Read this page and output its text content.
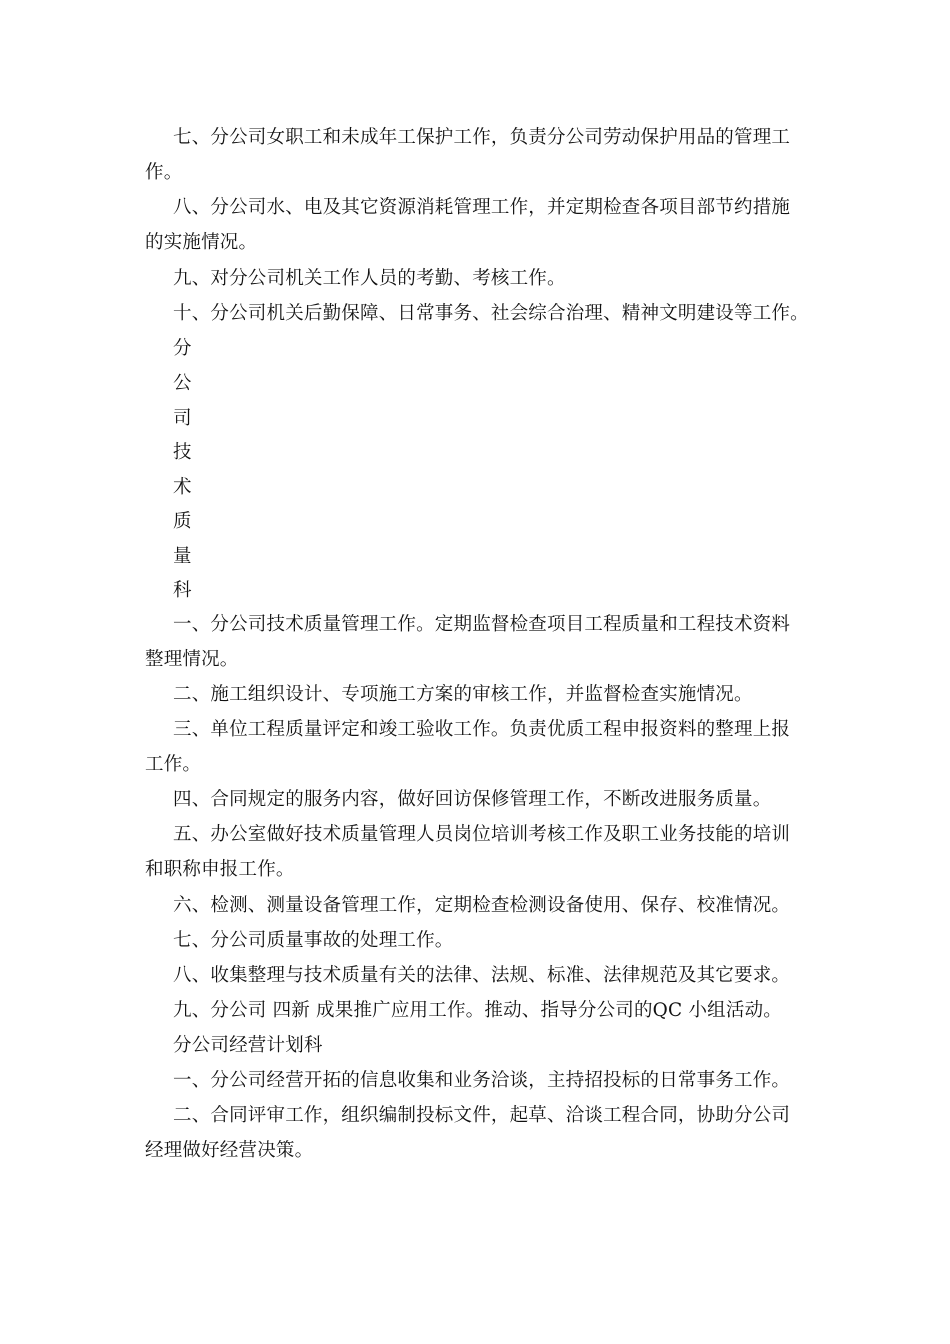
七、分公司女职工和未成年工保护工作，负责分公司劳动保护用品的管理工
作。
八、分公司水、电及其它资源消耗管理工作，并定期检查各项目部节约措施
的实施情况。
九、对分公司机关工作人员的考勤、考核工作。
十、分公司机关后勤保障、日常事务、社会综合治理、精神文明建设等工作。
分
公
司
技
术
质
量
科
一、分公司技术质量管理工作。定期监督检查项目工程质量和工程技术资料
整理情况。
二、施工组织设计、专项施工方案的审核工作，并监督检查实施情况。
三、单位工程质量评定和竣工验收工作。负责优质工程申报资料的整理上报
工作。
四、合同规定的服务内容，做好回访保修管理工作，不断改进服务质量。
五、办公室做好技术质量管理人员岗位培训考核工作及职工业务技能的培训
和职称申报工作。
六、检测、测量设备管理工作，定期检查检测设备使用、保存、校准情况。
七、分公司质量事故的处理工作。
八、收集整理与技术质量有关的法律、法规、标准、法律规范及其它要求。
九、分公司 四新 成果推广应用工作。推动、指导分公司的QC 小组活动。
分公司经营计划科
一、分公司经营开拓的信息收集和业务洽谈，主持招投标的日常事务工作。
二、合同评审工作，组织编制投标文件，起草、洽谈工程合同，协助分公司
经理做好经营决策。
